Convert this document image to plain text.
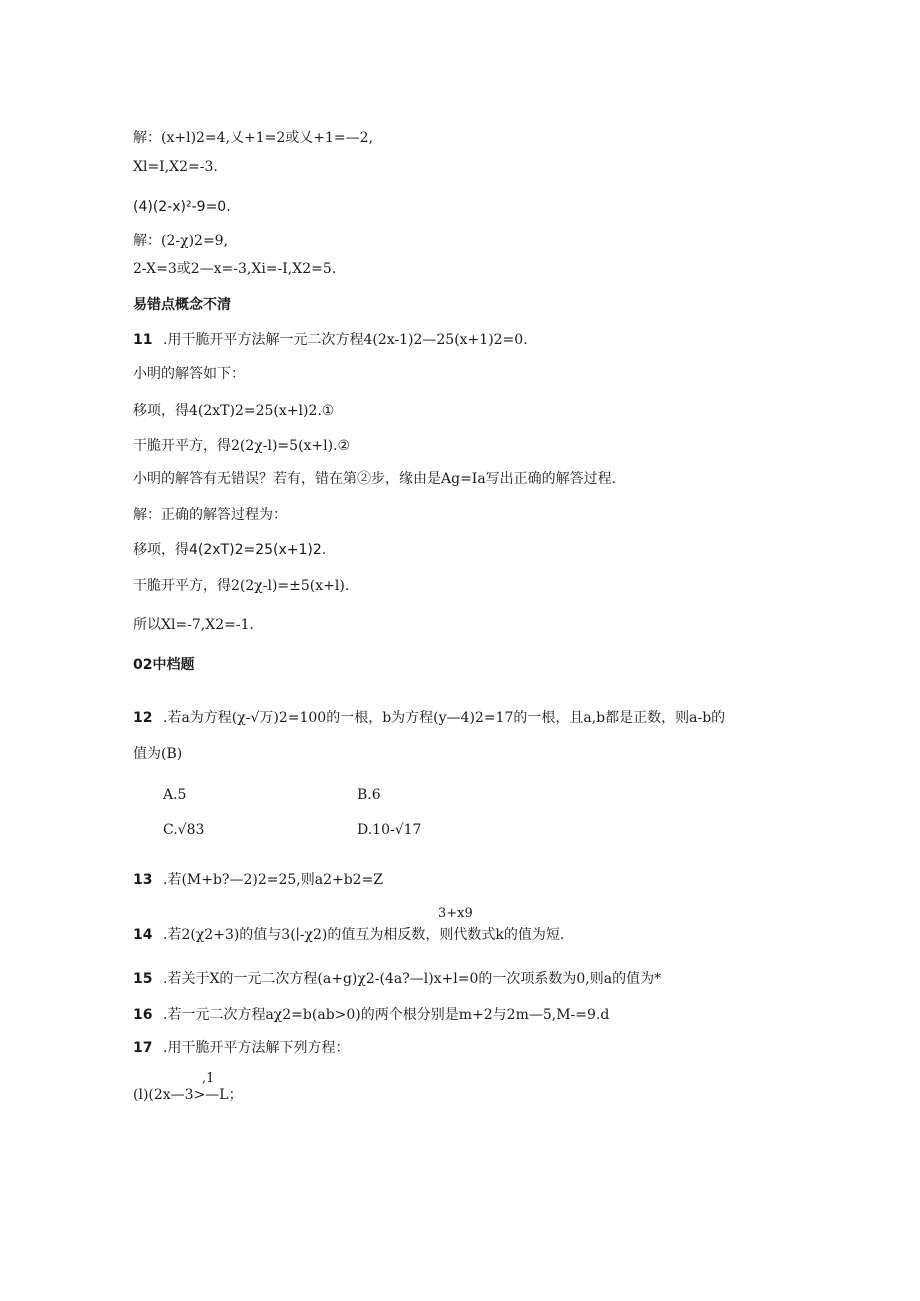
解：(x+l)2=4,乂+1=2或乂+1=—2,
Xl=I,X2=-3.
(4)(2-x)²-9=0.
解：(2-χ)2=9,
2-X=3或2—x=-3,Xi=-I,X2=5.
易错点概念不清
11 .用干脆开平方法解一元二次方程4(2x-1)2—25(x+1)2=0.
小明的解答如下：
移项，得4(2xT)2=25(x+l)2.①
干脆开平方，得2(2χ-l)=5(x+l).②
小明的解答有无错误？若有，错在第②步，缘由是Ag=Ia写出正确的解答过程.
解：正确的解答过程为：
移项，得4(2xT)2=25(x+1)2.
干脆开平方，得2(2χ-l)=±5(x+l).
所以Xl=-7,X2=-1.
02中档题
12 .若a为方程(χ-√万)2=100的一根，b为方程(y—4)2=17的一根，且a,b都是正数，则a-b的
值为(B)
A.5	B.6
C.√83	D.10-√17
13 .若(M+b?—2)2=25,则a2+b2=Z
3+x9
14 .若2(χ2+3)的值与3(∣-χ2)的值互为相反数，则代数式k的值为短.
15 .若关于X的一元二次方程(a+g)χ2-(4a?—l)x+l=0的一次项系数为0,则a的值为*
16 .若一元二次方程aχ2=b(ab>0)的两个根分别是m+2与2m—5,M-=9.d
17 .用干脆开平方法解下列方程：
,1
(l)(2x—3>—L；
